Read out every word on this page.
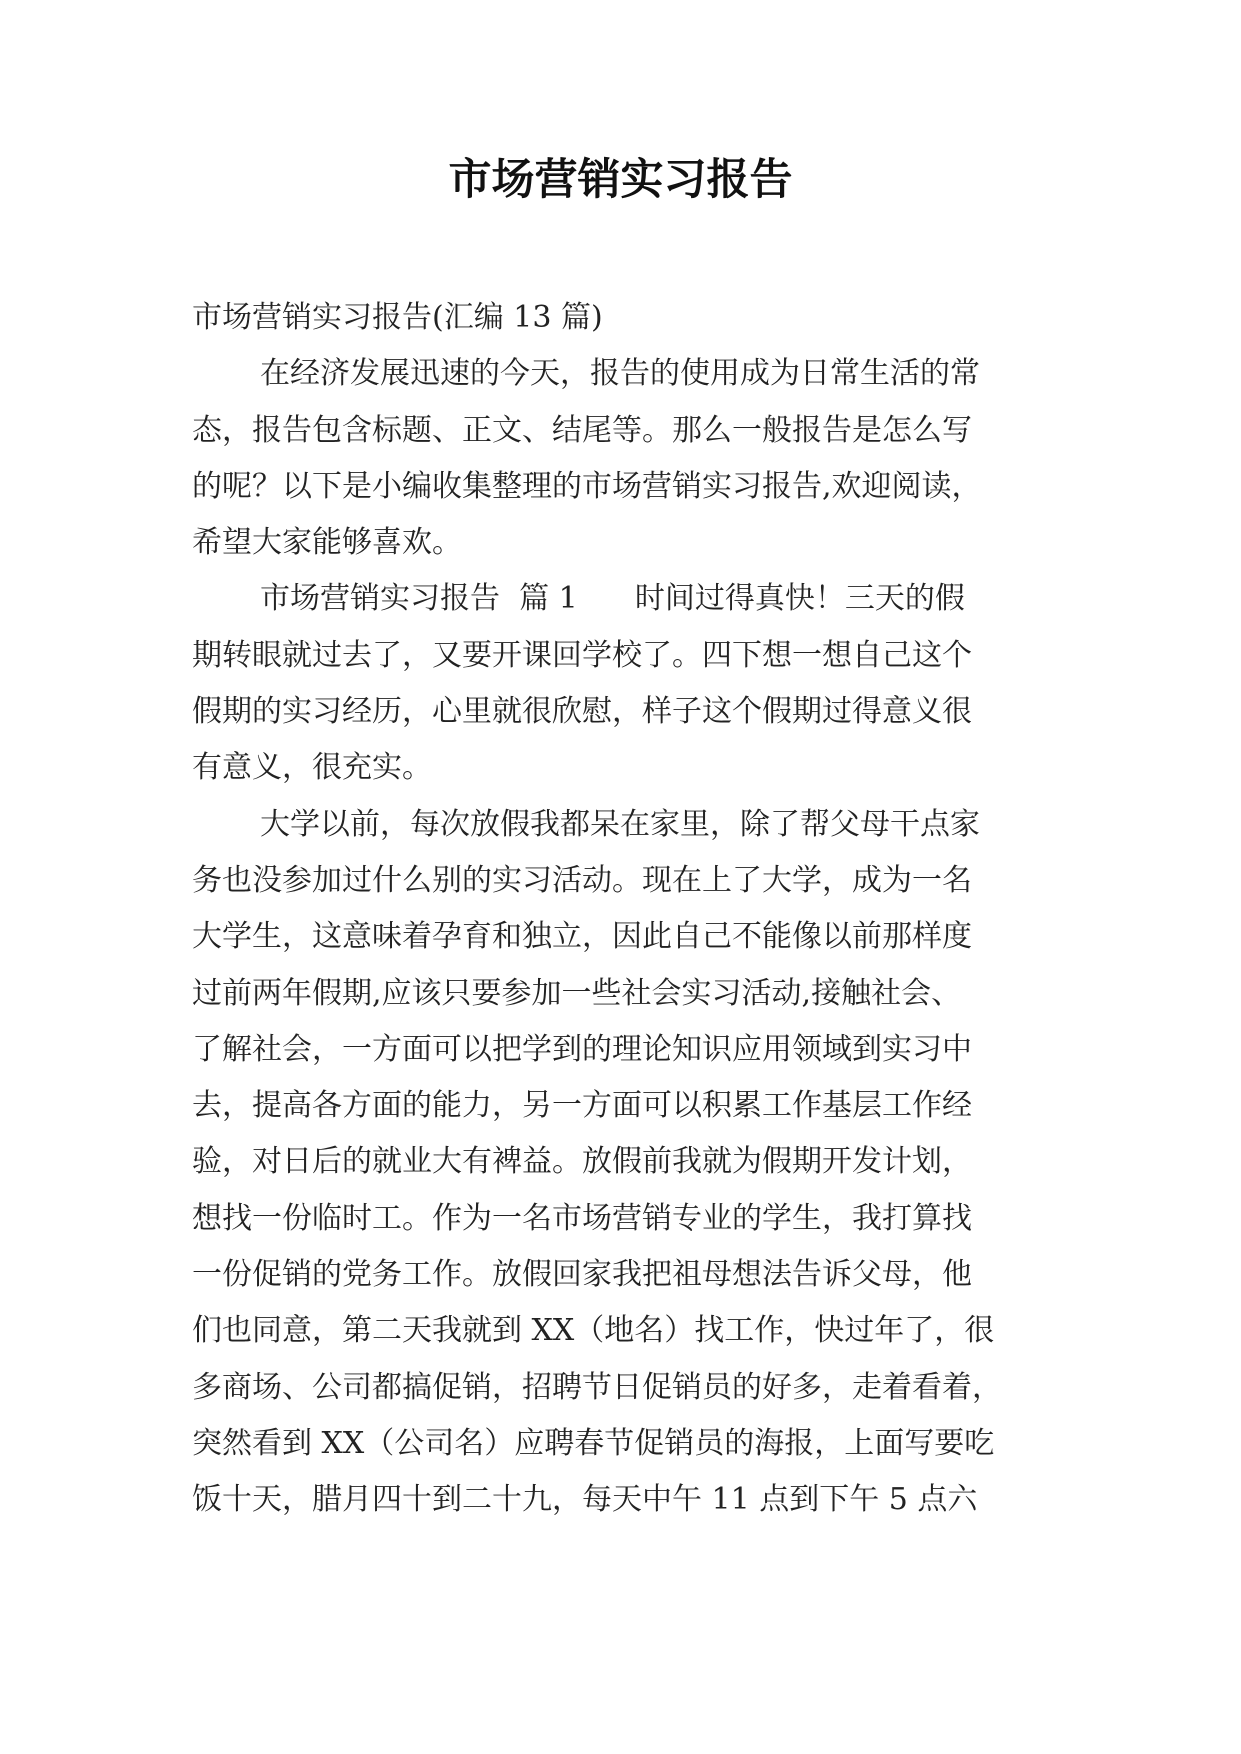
市场营销实习报告
市场营销实习报告(汇编 13 篇)
在经济发展迅速的今天，报告的使用成为日常生活的常
态，报告包含标题、正文、结尾等。那么一般报告是怎么写
的呢？以下是小编收集整理的市场营销实习报告,欢迎阅读，
希望大家能够喜欢。
市场营销实习报告  篇 1      时间过得真快！三天的假
期转眼就过去了，又要开课回学校了。四下想一想自己这个
假期的实习经历，心里就很欣慰，样子这个假期过得意义很
有意义，很充实。
大学以前，每次放假我都呆在家里，除了帮父母干点家
务也没参加过什么别的实习活动。现在上了大学，成为一名
大学生，这意味着孕育和独立，因此自己不能像以前那样度
过前两年假期,应该只要参加一些社会实习活动,接触社会、
了解社会，一方面可以把学到的理论知识应用领域到实习中
去，提高各方面的能力，另一方面可以积累工作基层工作经
验，对日后的就业大有裨益。放假前我就为假期开发计划，
想找一份临时工。作为一名市场营销专业的学生，我打算找
一份促销的党务工作。放假回家我把祖母想法告诉父母，他
们也同意，第二天我就到 XX（地名）找工作，快过年了，很
多商场、公司都搞促销，招聘节日促销员的好多，走着看着，
突然看到 XX（公司名）应聘春节促销员的海报，上面写要吃
饭十天，腊月四十到二十九，每天中午 11 点到下午 5 点六
